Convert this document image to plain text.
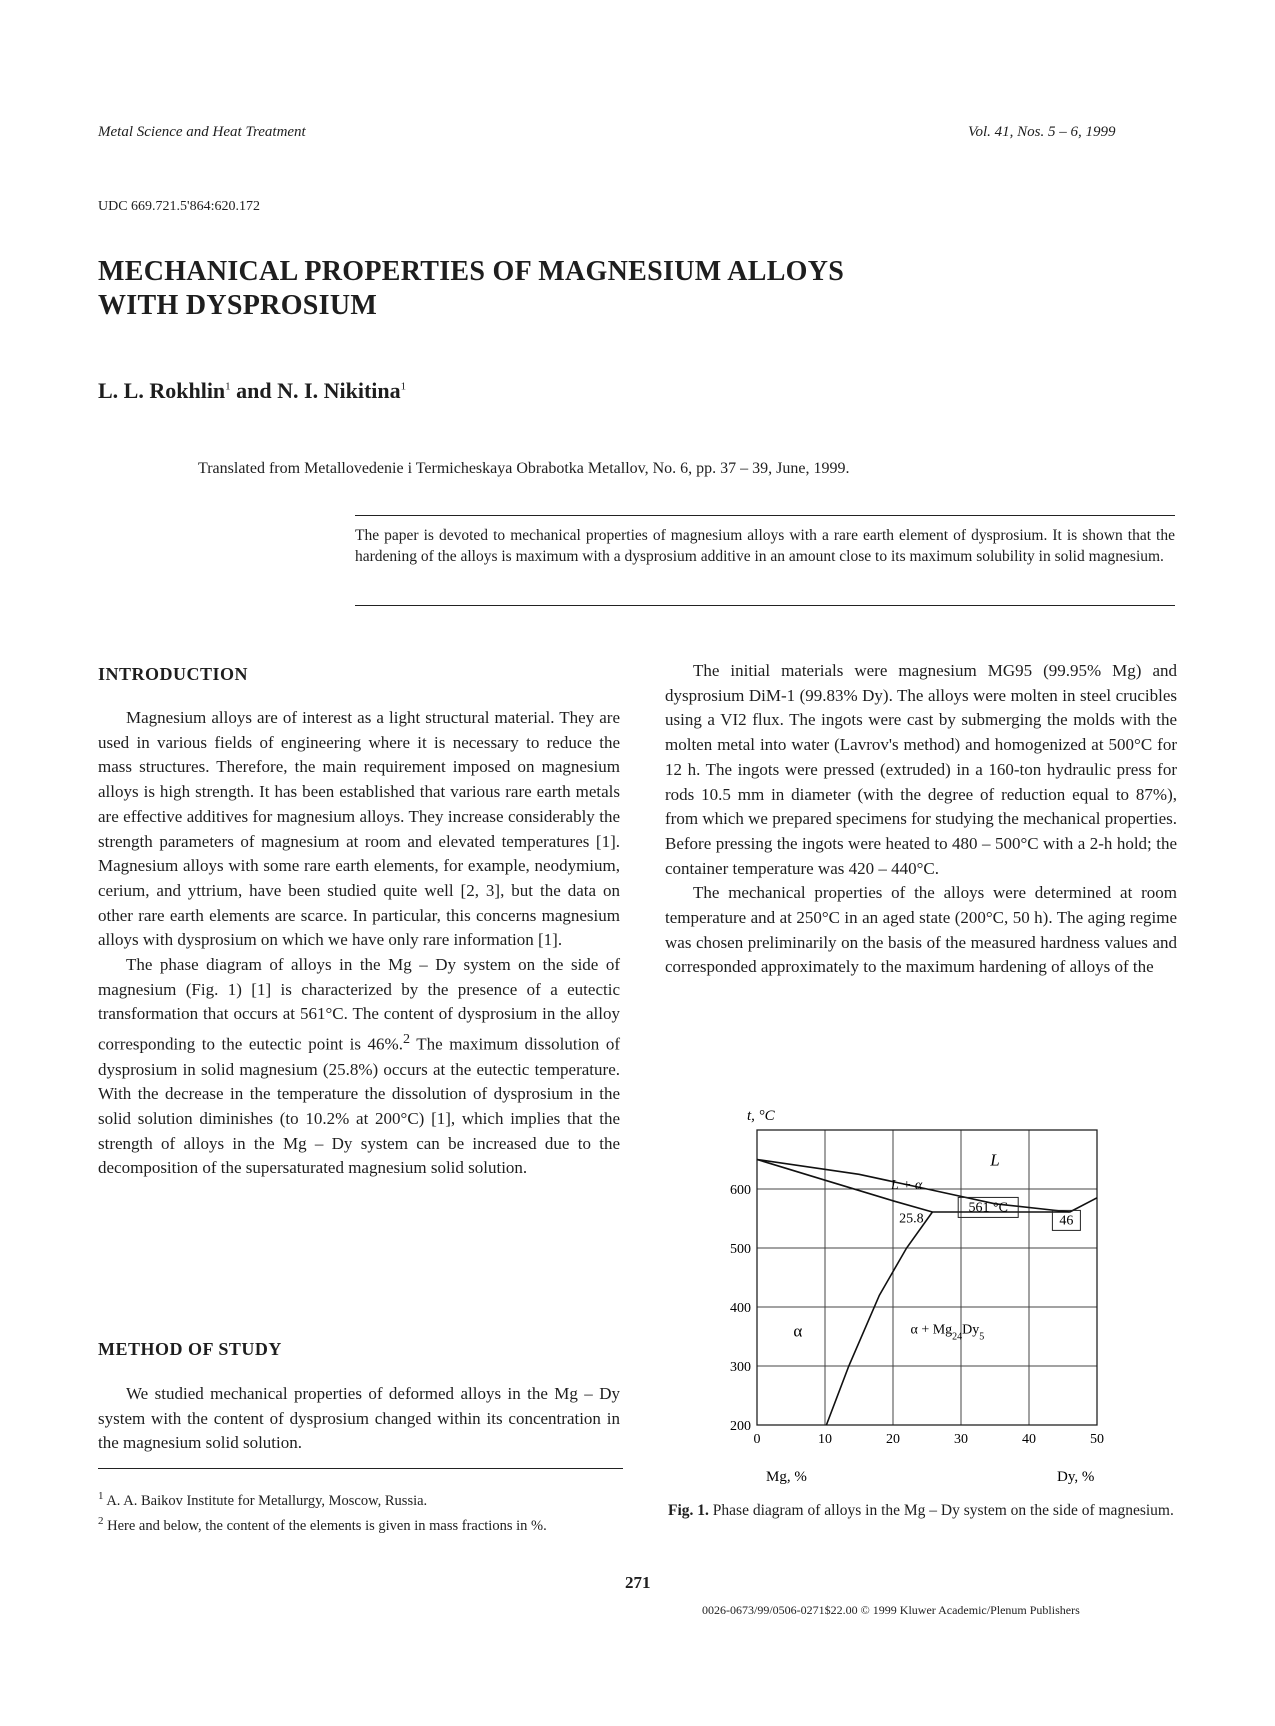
Metal Science and Heat Treatment	Vol. 41, Nos. 5 – 6, 1999
UDC 669.721.5'864:620.172
MECHANICAL PROPERTIES OF MAGNESIUM ALLOYS
WITH DYSPROSIUM
L. L. Rokhlin$^1$ and N. I. Nikitina$^1$
Translated from Metallovedenie i Termicheskaya Obrabotka Metallov, No. 6, pp. 37 – 39, June, 1999.
The paper is devoted to mechanical properties of magnesium alloys with a rare earth element of dysprosium. It is shown that the hardening of the alloys is maximum with a dysprosium additive in an amount close to its maximum solubility in solid magnesium.
INTRODUCTION

Magnesium alloys are of interest as a light structural material. They are used in various fields of engineering where it is necessary to reduce the mass structures. Therefore, the main requirement imposed on magnesium alloys is high strength. It has been established that various rare earth metals are effective additives for magnesium alloys. They increase considerably the strength parameters of magnesium at room and elevated temperatures [1]. Magnesium alloys with some rare earth elements, for example, neodymium, cerium, and yttrium, have been studied quite well [2, 3], but the data on other rare earth elements are scarce. In particular, this concerns magnesium alloys with dysprosium on which we have only rare information [1].

The phase diagram of alloys in the Mg – Dy system on the side of magnesium (Fig. 1) [1] is characterized by the presence of a eutectic transformation that occurs at 561°C. The content of dysprosium in the alloy corresponding to the eutectic point is 46%.$^2$ The maximum dissolution of dysprosium in solid magnesium (25.8%) occurs at the eutectic temperature. With the decrease in the temperature the dissolution of dysprosium in the solid solution diminishes (to 10.2% at 200°C) [1], which implies that the strength of alloys in the Mg – Dy system can be increased due to the decomposition of the supersaturated magnesium solid solution.

METHOD OF STUDY

We studied mechanical properties of deformed alloys in the Mg – Dy system with the content of dysprosium changed within its concentration in the magnesium solid solution.

$^1$ A. A. Baikov Institute for Metallurgy, Moscow, Russia.
$^2$ Here and below, the content of the elements is given in mass fractions in %.

The initial materials were magnesium MG95 (99.95% Mg) and dysprosium DiM-1 (99.83% Dy). The alloys were molten in steel crucibles using a VI2 flux. The ingots were cast by submerging the molds with the molten metal into water (Lavrov's method) and homogenized at 500°C for 12 h. The ingots were pressed (extruded) in a 160-ton hydraulic press for rods 10.5 mm in diameter (with the degree of reduction equal to 87%), from which we prepared specimens for studying the mechanical properties. Before pressing the ingots were heated to 480 – 500°C with a 2-h hold; the container temperature was 420 – 440°C.

The mechanical properties of the alloys were determined at room temperature and at 250°C in an aged state (200°C, 50 h). The aging regime was chosen preliminarily on the basis of the measured hardness values and corresponded approximately to the maximum hardening of alloys of the

0	10	20	30	40	50
200
300
400
500
600
L
L + α
561 °C
25.8	46
α	$\alpha + Mg_{24}Dy_5$
t, °C
Mg, %	Dy, %
Fig. 1. Phase diagram of alloys in the Mg – Dy system on the side of magnesium.
271
0026-0673/99/0506-0271$22.00 © 1999 Kluwer Academic/Plenum Publishers
